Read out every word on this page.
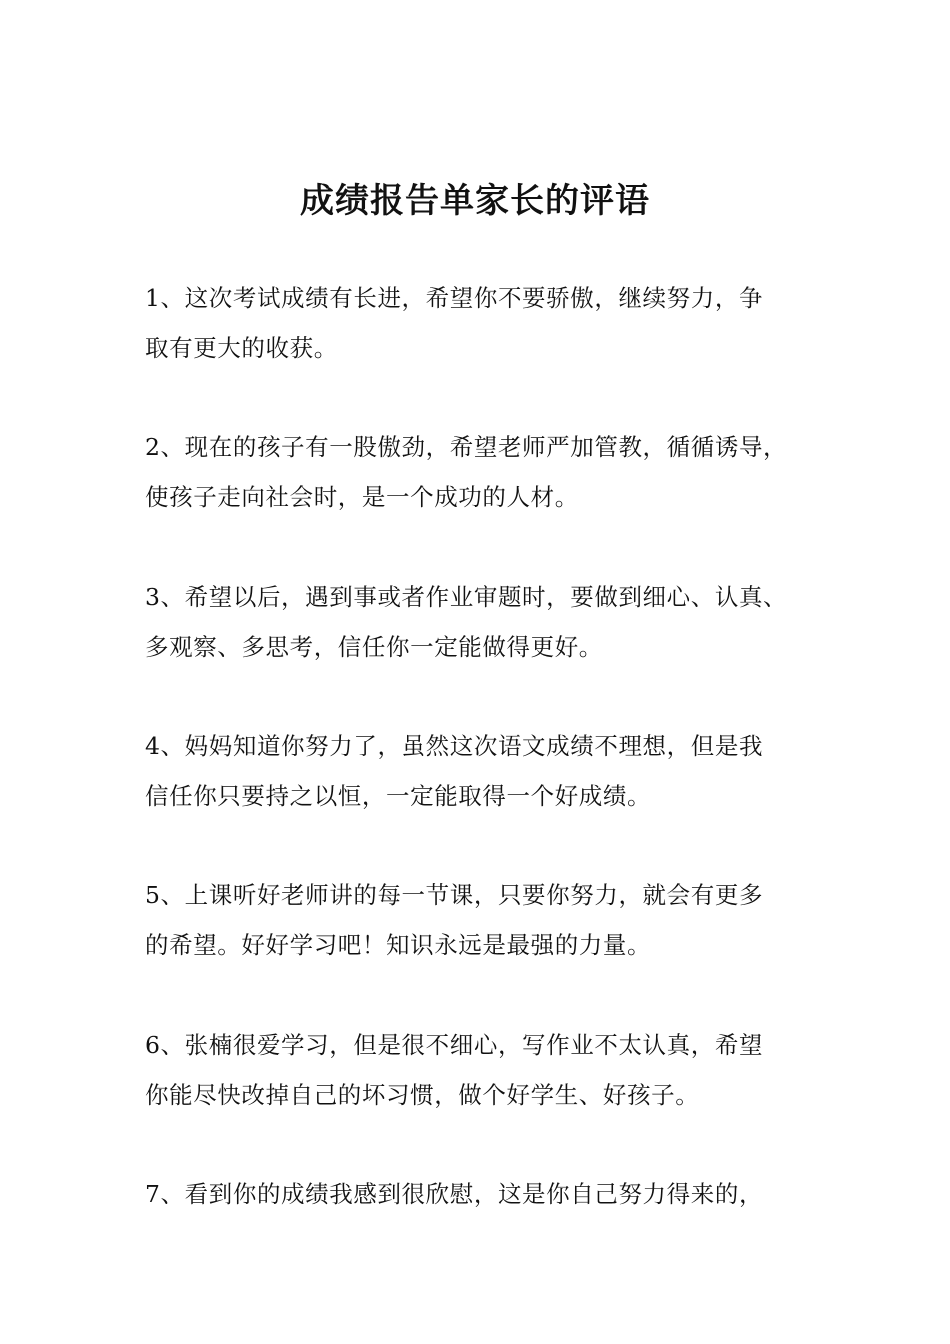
成绩报告单家长的评语

1、这次考试成绩有长进，希望你不要骄傲，继续努力，争
取有更大的收获。

2、现在的孩子有一股傲劲，希望老师严加管教，循循诱导，
使孩子走向社会时，是一个成功的人材。

3、希望以后，遇到事或者作业审题时，要做到细心、认真、
多观察、多思考，信任你一定能做得更好。

4、妈妈知道你努力了，虽然这次语文成绩不理想，但是我
信任你只要持之以恒，一定能取得一个好成绩。

5、上课听好老师讲的每一节课，只要你努力，就会有更多
的希望。好好学习吧！知识永远是最强的力量。

6、张楠很爱学习，但是很不细心，写作业不太认真，希望
你能尽快改掉自己的坏习惯，做个好学生、好孩子。

7、看到你的成绩我感到很欣慰，这是你自己努力得来的，
